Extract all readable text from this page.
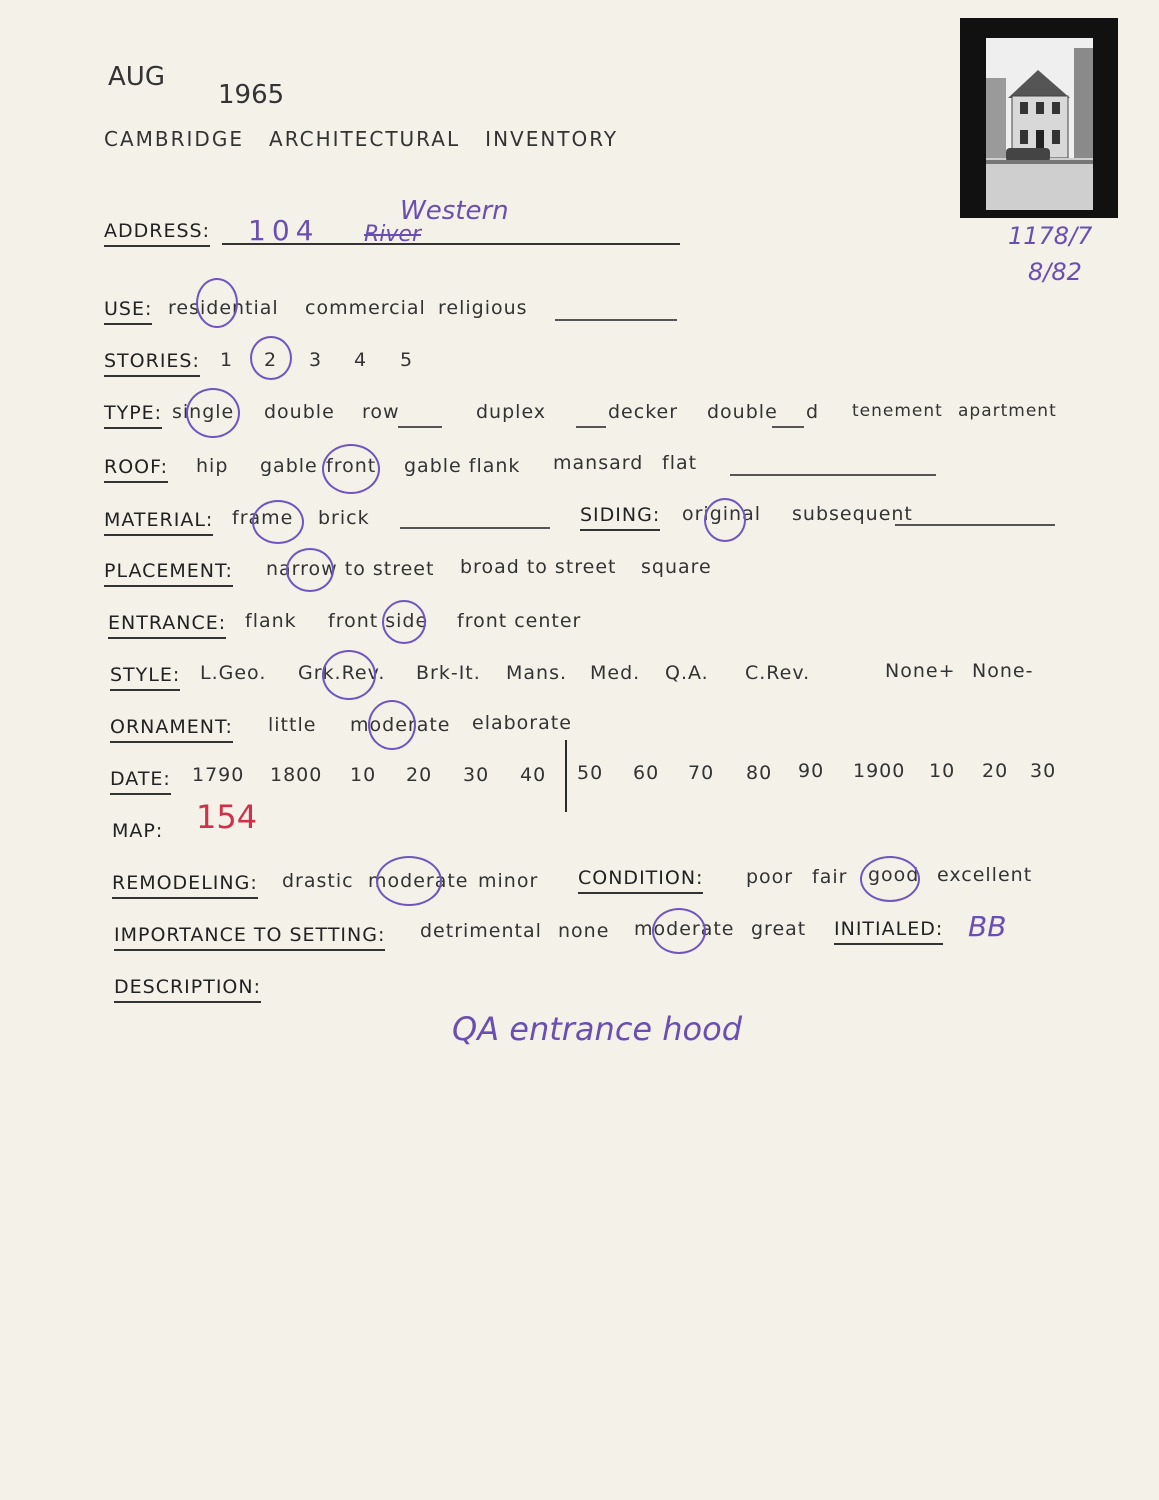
AUG
1965
CAMBRIDGE   ARCHITECTURAL   INVENTORY
1178/7
8/82
ADDRESS: 104 River
Western
USE: residential commercial religious
STORIES: 1 2 3 4 5
TYPE: single double row	duplex	decker double d tenement apartment
ROOF: hip gable front gable flank mansard flat
MATERIAL: frame brick	SIDING: original subsequent
PLACEMENT: narrow to street broad to street square
ENTRANCE: flank front side front center
STYLE: L.Geo. Grk.Rev. Brk-It. Mans. Med. Q.A. C.Rev.	None+ None-
ORNAMENT: little moderate elaborate
DATE: 1790 1800 10 20 30 40 50 60 70 80 90 1900 10 20 30
MAP: 154
REMODELING: drastic moderate minor CONDITION: poor fair good excellent
IMPORTANCE TO SETTING: detrimental none moderate great INITIALED: BB
DESCRIPTION:
QA entrance hood
